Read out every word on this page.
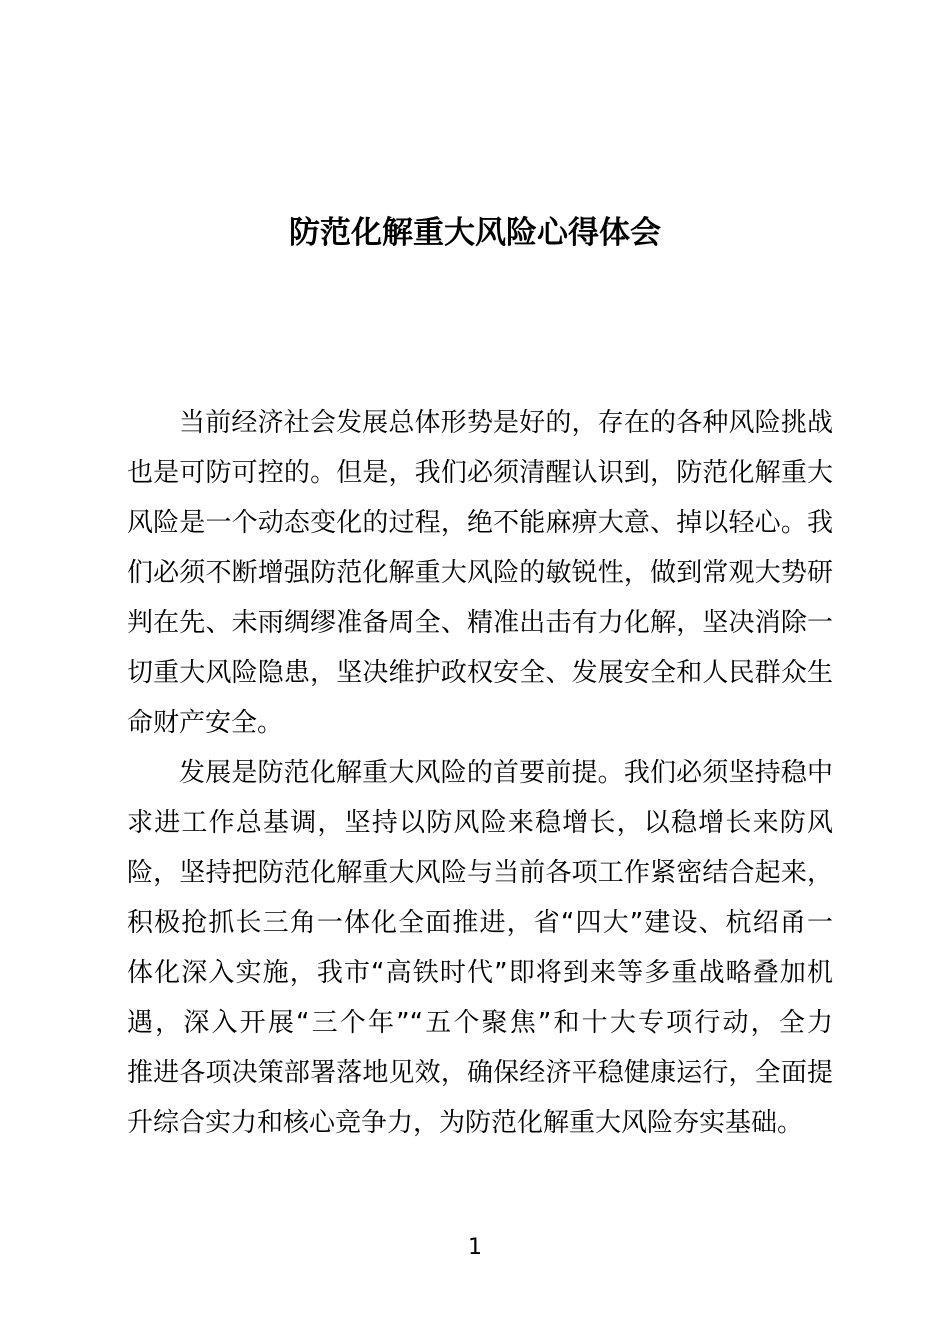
防范化解重大风险心得体会
当前经济社会发展总体形势是好的，存在的各种风险挑战
也是可防可控的。但是，我们必须清醒认识到，防范化解重大
风险是一个动态变化的过程，绝不能麻痹大意、掉以轻心。我
们必须不断增强防范化解重大风险的敏锐性，做到常观大势研
判在先、未雨绸缪准备周全、精准出击有力化解，坚决消除一
切重大风险隐患，坚决维护政权安全、发展安全和人民群众生
命财产安全。
发展是防范化解重大风险的首要前提。我们必须坚持稳中
求进工作总基调，坚持以防风险来稳增长，以稳增长来防风
险，坚持把防范化解重大风险与当前各项工作紧密结合起来，
积极抢抓长三角一体化全面推进，省“四大”建设、杭绍甬一
体化深入实施，我市“高铁时代”即将到来等多重战略叠加机
遇，深入开展“三个年”“五个聚焦”和十大专项行动，全力
推进各项决策部署落地见效，确保经济平稳健康运行，全面提
升综合实力和核心竞争力，为防范化解重大风险夯实基础。
1
